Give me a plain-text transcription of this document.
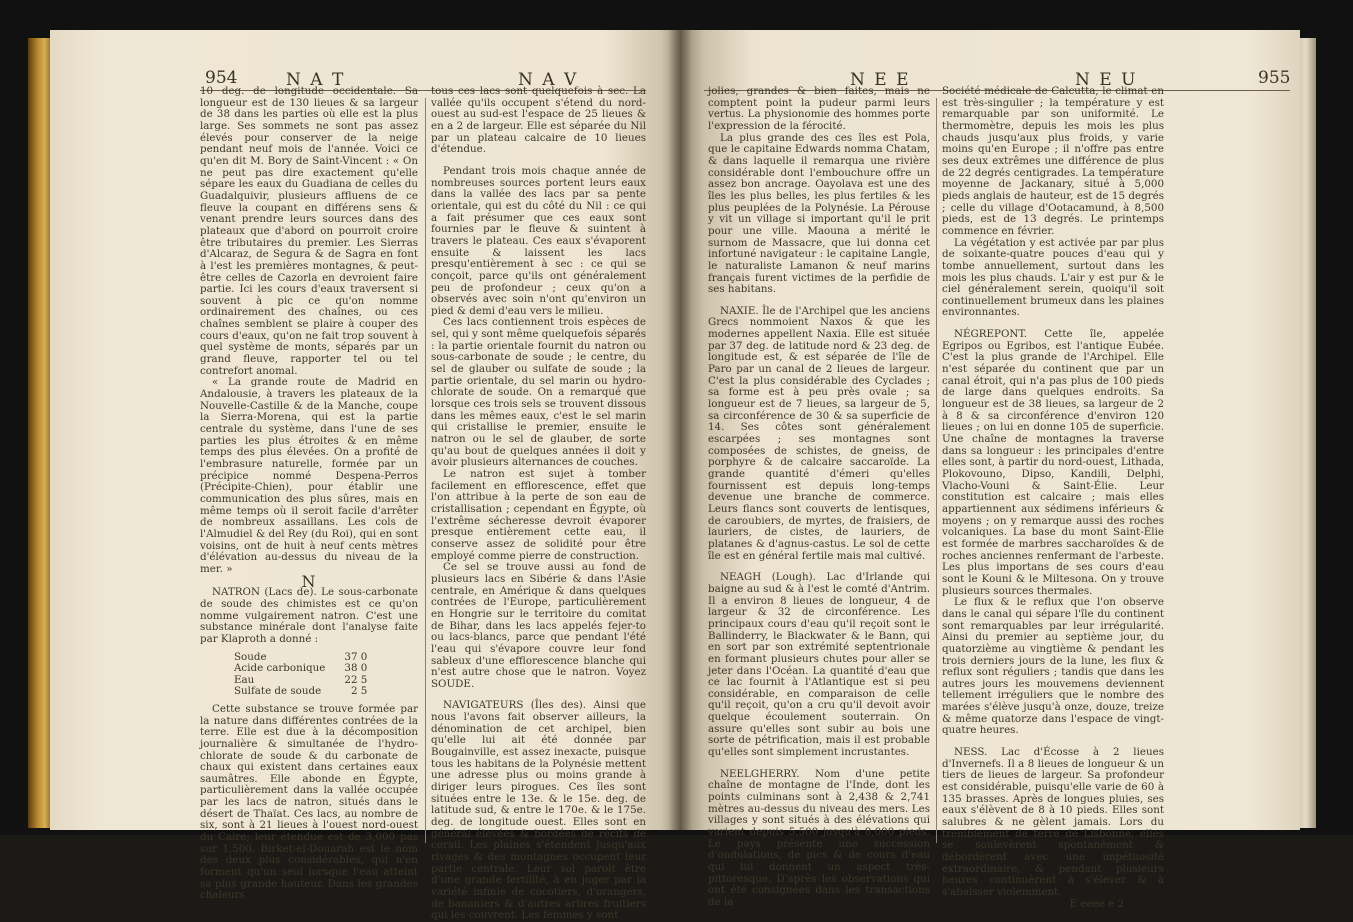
954	N A T	N A V

10 deg. de longitude occidentale. Sa longueur est de 130 lieues & sa largeur de 38 dans les parties où elle est la plus large. Ses sommets ne sont pas assez élevés pour conserver de la neige pendant neuf mois de l'année. Voici ce qu'en dit M. Bory de Saint-Vincent : « On ne peut pas dire exactement qu'elle sépare les eaux du Guadiana de celles du Guadalquivir, plusieurs affluens de ce fleuve la coupant en différens sens & venant prendre leurs sources dans des plateaux que d'abord on pourroit croire être tributaires du premier. Les Sierras d'Alcaraz, de Segura & de Sagra en font à l'est les premières montagnes, & peut-être celles de Cazorla en devroient faire partie. Ici les cours d'eaux traversent si souvent à pic ce qu'on nomme ordinairement des chaînes, ou ces chaînes semblent se plaire à couper des cours d'eaux, qu'on ne fait trop souvent à quel système de monts, séparés par un grand fleuve, rapporter tel ou tel contrefort anomal.

« La grande route de Madrid en Andalousie, à travers les plateaux de la Nouvelle-Castille & de la Manche, coupe la Sierra-Morena, qui est la partie centrale du système, dans l'une de ses parties les plus étroites & en même temps des plus élevées. On a profité de l'embrasure naturelle, formée par un précipice nommé Despena-Perros (Précipite-Chien), pour établir une communication des plus sûres, mais en même temps où il seroit facile d'arrêter de nombreux assaillans. Les cols de l'Almudiel & del Rey (du Roi), qui en sont voisins, ont de huit à neuf cents mètres d'élévation au-dessus du niveau de la mer. »

N

NATRON (Lacs de). Le sous-carbonate de soude des chimistes est ce qu'on nomme vulgairement natron. C'est une substance minérale dont l'analyse faite par Klaproth a donné :

Soude	37 0
Acide carbonique	38 0
Eau	22 5
Sulfate de soude	2 5

Cette substance se trouve formée par la nature dans différentes contrées de la terre. Elle est due à la décomposition journalière & simultanée de l'hydro-chlorate de soude & du carbonate de chaux qui existent dans certaines eaux saumâtres. Elle abonde en Égypte, particulièrement dans la vallée occupée par les lacs de natron, situés dans le désert de Thaïat. Ces lacs, au nombre de six, sont à 21 lieues à l'ouest nord-ouest du Caire; leur étendue est de 3,000 pas sur 1,500. Birket-el-Douarah est le nom des deux plus considérables, qui n'en forment qu'un seul lorsque l'eau atteint sa plus grande hauteur. Dans les grandes chaleurs

tous ces lacs sont quelquefois à sec. La vallée qu'ils occupent s'étend du nord-ouest au sud-est l'espace de 25 lieues & en a 2 de largeur. Elle est séparée du Nil par un plateau calcaire de 10 lieues d'étendue.

Pendant trois mois chaque année de nombreuses sources portent leurs eaux dans la vallée des lacs par sa pente orientale, qui est du côté du Nil : ce qui a fait présumer que ces eaux sont fournies par le fleuve & suintent à travers le plateau. Ces eaux s'évaporent ensuite & laissent les lacs presqu'entièrement à sec : ce qui se conçoit, parce qu'ils ont généralement peu de profondeur ; ceux qu'on a observés avec soin n'ont qu'environ un pied & demi d'eau vers le milieu.

Ces lacs contiennent trois espèces de sel, qui y sont même quelquefois séparés : la partie orientale fournit du natron ou sous-carbonate de soude ; le centre, du sel de glauber ou sulfate de soude ; la partie orientale, du sel marin ou hydro-chlorate de soude. On a remarqué que lorsque ces trois sels se trouvent dissous dans les mêmes eaux, c'est le sel marin qui cristallise le premier, ensuite le natron ou le sel de glauber, de sorte qu'au bout de quelques années il doit y avoir plusieurs alternances de couches.

Le natron est sujet à tomber facilement en efflorescence, effet que l'on attribue à la perte de son eau de cristallisation ; cependant en Égypte, où l'extrême sécheresse devroit évaporer presque entièrement cette eau, il conserve assez de solidité pour être employé comme pierre de construction.

Ce sel se trouve aussi au fond de plusieurs lacs en Sibérie & dans l'Asie centrale, en Amérique & dans quelques contrées de l'Europe, particulièrement en Hongrie sur le territoire du comitat de Bihar, dans les lacs appelés fejer-to ou lacs-blancs, parce que pendant l'été l'eau qui s'évapore couvre leur fond sableux d'une efflorescence blanche qui n'est autre chose que le natron. Voyez SOUDE.

NAVIGATEURS (Îles des). Ainsi que nous l'avons fait observer ailleurs, la dénomination de cet archipel, bien qu'elle lui ait été donnée par Bougainville, est assez inexacte, puisque tous les habitans de la Polynésie mettent une adresse plus ou moins grande à diriger leurs pirogues. Ces îles sont situées entre le 13e. & le 15e. deg. de latitude sud, & entre le 170e. & le 175e. deg. de longitude ouest. Elles sont en général élevées & bordées de récifs de corail. Les plaines s'étendent jusqu'aux rivages & des montagnes occupent leur partie centrale. Leur sol paroît être d'une grande fertilité, à en juger par la variété infinie de cocotiers, d'orangers, de bananiers & d'autres arbres fruitiers qui les couvrent. Les femmes y sont

N E E	N E U	955

jolies, grandes & bien faites, mais ne comptent point la pudeur parmi leurs vertus. La physionomie des hommes porte l'expression de la férocité.

La plus grande des ces îles est Pola, que le capitaine Edwards nomma Chatam, & dans laquelle il remarqua une rivière considérable dont l'embouchure offre un assez bon ancrage. Oayolava est une des îles les plus belles, les plus fertiles & les plus peuplées de la Polynésie. La Pérouse y vit un village si important qu'il le prit pour une ville. Maouna a mérité le surnom de Massacre, que lui donna cet infortuné navigateur : le capitaine Langle, le naturaliste Lamanon & neuf marins français furent victimes de la perfidie de ses habitans.

NAXIE. Île de l'Archipel que les anciens Grecs nommoient Naxos & que les modernes appellent Naxia. Elle est située par 37 deg. de latitude nord & 23 deg. de longitude est, & est séparée de l'île de Paro par un canal de 2 lieues de largeur. C'est la plus considérable des Cyclades ; sa forme est à peu près ovale ; sa longueur est de 7 lieues, sa largeur de 5, sa circonférence de 30 & sa superficie de 14. Ses côtes sont généralement escarpées ; ses montagnes sont composées de schistes, de gneiss, de porphyre & de calcaire saccaroïde. La grande quantité d'émeri qu'elles fournissent est depuis long-temps devenue une branche de commerce. Leurs flancs sont couverts de lentisques, de caroubiers, de myrtes, de fraisiers, de lauriers, de cistes, de lauriers, de platanes & d'agnus-castus. Le sol de cette île est en général fertile mais mal cultivé.

NEAGH (Lough). Lac d'Irlande qui baigne au sud & à l'est le comté d'Antrim. Il a environ 8 lieues de longueur, 4 de largeur & 32 de circonférence. Les principaux cours d'eau qu'il reçoit sont le Ballinderry, le Blackwater & le Bann, qui en sort par son extrémité septentrionale en formant plusieurs chutes pour aller se jeter dans l'Océan. La quantité d'eau que ce lac fournit à l'Atlantique est si peu considérable, en comparaison de celle qu'il reçoit, qu'on a cru qu'il devoit avoir quelque écoulement souterrain. On assure qu'elles sont subir au bois une sorte de pétrification, mais il est probable qu'elles sont simplement incrustantes.

NEELGHERRY. Nom d'une petite chaîne de montagne de l'Inde, dont les points culminans sont à 2,438 & 2,741 mètres au-dessus du niveau des mers. Les villages y sont situés à des élévations qui varient depuis 5,500 jusqu'à 8,000 pieds. Le pays présente une succession d'ondulations, de pics & de cours d'eau qui lui donnent un aspect très-pittoresque. D'après les observations qui ont été consignées dans les transactions de la

Société médicale de Calcutta, le climat en est très-singulier ; la température y est remarquable par son uniformité. Le thermomètre, depuis les mois les plus chauds jusqu'aux plus froids, y varie moins qu'en Europe ; il n'offre pas entre ses deux extrêmes une différence de plus de 22 degrés centigrades. La température moyenne de Jackanary, situé à 5,000 pieds anglais de hauteur, est de 15 degrés ; celle du village d'Ootacamund, à 8,500 pieds, est de 13 degrés. Le printemps commence en février.

La végétation y est activée par par plus de soixante-quatre pouces d'eau qui y tombe annuellement, surtout dans les mois les plus chauds. L'air y est pur & le ciel généralement serein, quoiqu'il soit continuellement brumeux dans les plaines environnantes.

NÉGREPONT. Cette île, appelée Egripos ou Egribos, est l'antique Eubée. C'est la plus grande de l'Archipel. Elle n'est séparée du continent que par un canal étroit, qui n'a pas plus de 100 pieds de large dans quelques endroits. Sa longueur est de 38 lieues, sa largeur de 2 à 8 & sa circonférence d'environ 120 lieues ; on lui en donne 105 de superficie. Une chaîne de montagnes la traverse dans sa longueur : les principales d'entre elles sont, à partir du nord-ouest, Lithada, Plokovouno, Dipso, Kandili, Delphi, Vlacho-Vouni & Saint-Élie. Leur constitution est calcaire ; mais elles appartiennent aux sédimens inférieurs & moyens ; on y remarque aussi des roches volcaniques. La base du mont Saint-Élie est formée de marbres saccharoïdes & de roches anciennes renfermant de l'arbeste. Les plus importans de ses cours d'eau sont le Kouni & le Miltesona. On y trouve plusieurs sources thermales.

Le flux & le reflux que l'on observe dans le canal qui sépare l'île du continent sont remarquables par leur irrégularité. Ainsi du premier au septième jour, du quatorzième au vingtième & pendant les trois derniers jours de la lune, les flux & reflux sont réguliers ; tandis que dans les autres jours les mouvemens deviennent tellement irréguliers que le nombre des marées s'élève jusqu'à onze, douze, treize & même quatorze dans l'espace de vingt-quatre heures.

NESS. Lac d'Écosse à 2 lieues d'Invernefs. Il a 8 lieues de longueur & un tiers de lieues de largeur. Sa profondeur est considérable, puisqu'elle varie de 60 à 135 brasses. Après de longues pluies, ses eaux s'élèvent de 8 à 10 pieds. Elles sont salubres & ne gèlent jamais. Lors du tremblement de terre de Lisbonne, elles se soulevèrent spontanément & débordèrent avec une impétuosité extraordinaire, & pendant plusieurs heures continuèrent à s'élever & à s'abaisser violemment.

E eeee e 2
